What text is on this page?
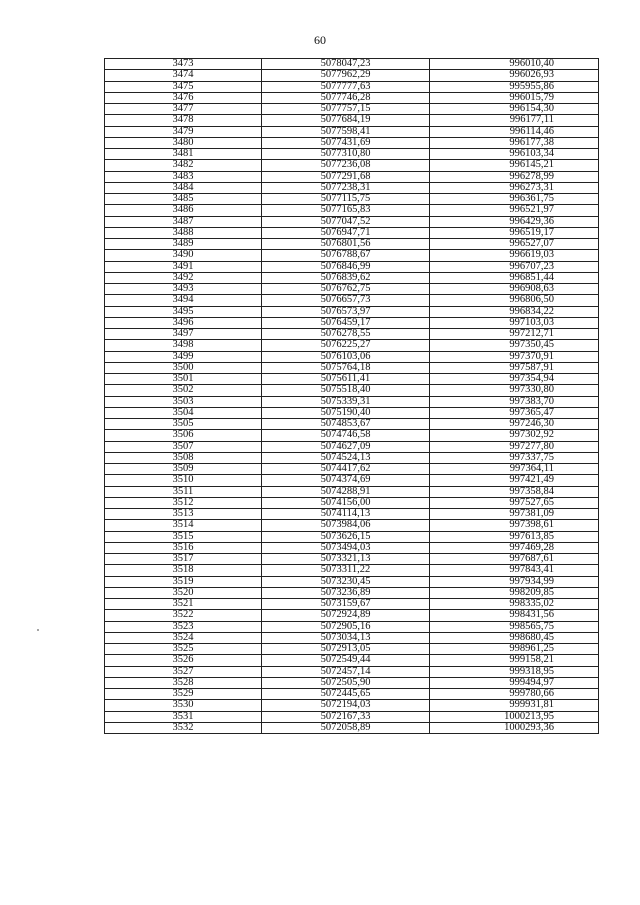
60
3473	5078047,23	996010,40
3474	5077962,29	996026,93
3475	5077777,63	995955,86
3476	5077746,28	996015,79
3477	5077757,15	996154,30
3478	5077684,19	996177,11
3479	5077598,41	996114,46
3480	5077431,69	996177,38
3481	5077310,80	996103,34
3482	5077236,08	996145,21
3483	5077291,68	996278,99
3484	5077238,31	996273,31
3485	5077115,75	996361,75
3486	5077165,83	996521,97
3487	5077047,52	996429,36
3488	5076947,71	996519,17
3489	5076801,56	996527,07
3490	5076788,67	996619,03
3491	5076846,99	996707,23
3492	5076839,62	996851,44
3493	5076762,75	996908,63
3494	5076657,73	996806,50
3495	5076573,97	996834,22
3496	5076459,17	997103,03
3497	5076278,55	997212,71
3498	5076225,27	997350,45
3499	5076103,06	997370,91
3500	5075764,18	997587,91
3501	5075611,41	997354,94
3502	5075518,40	997330,80
3503	5075339,31	997383,70
3504	5075190,40	997365,47
3505	5074853,67	997246,30
3506	5074746,58	997302,92
3507	5074627,09	997277,80
3508	5074524,13	997337,75
3509	5074417,62	997364,11
3510	5074374,69	997421,49
3511	5074288,91	997358,84
3512	5074156,00	997527,65
3513	5074114,13	997381,09
3514	5073984,06	997398,61
3515	5073626,15	997613,85
3516	5073494,03	997469,28
3517	5073321,13	997687,61
3518	5073311,22	997843,41
3519	5073230,45	997934,99
3520	5073236,89	998209,85
3521	5073159,67	998335,02
3522	5072924,89	998431,56
3523	5072905,16	998565,75
3524	5073034,13	998680,45
3525	5072913,05	998961,25
3526	5072549,44	999158,21
3527	5072457,14	999318,95
3528	5072505,90	999494,97
3529	5072445,65	999780,66
3530	5072194,03	999931,81
3531	5072167,33	1000213,95
3532	5072058,89	1000293,36
